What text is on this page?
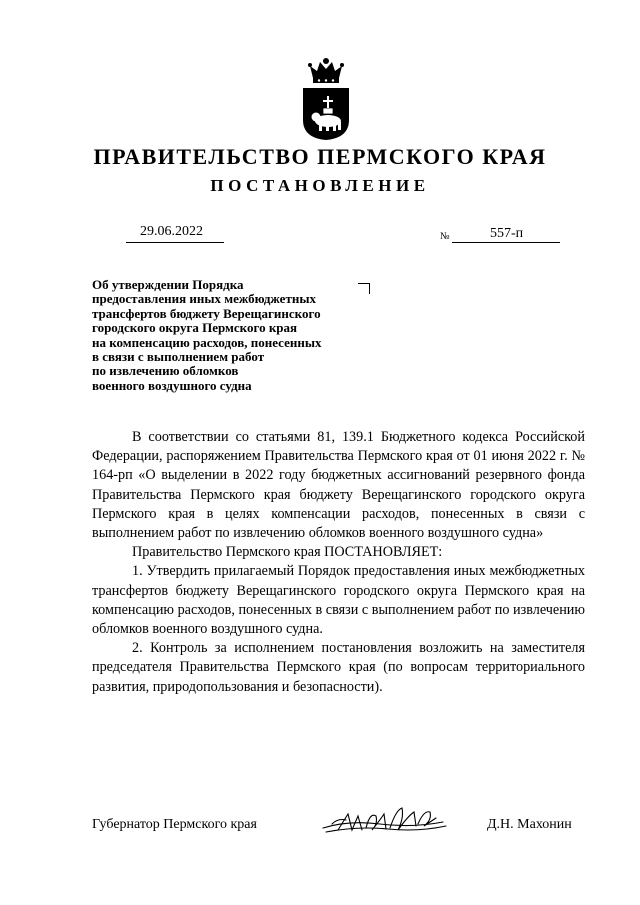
ПРАВИТЕЛЬСТВО ПЕРМСКОГО КРАЯ
ПОСТАНОВЛЕНИЕ
29.06.2022	№	557-п
Об утверждении Порядка
предоставления иных межбюджетных
трансфертов бюджету Верещагинского
городского округа Пермского края
на компенсацию расходов, понесенных
в связи с выполнением работ
по извлечению обломков
военного воздушного судна

В соответствии со статьями 81, 139.1 Бюджетного кодекса Российской Федерации, распоряжением Правительства Пермского края от 01 июня 2022 г. № 164-рп «О выделении в 2022 году бюджетных ассигнований резервного фонда Правительства Пермского края бюджету Верещагинского городского округа Пермского края в целях компенсации расходов, понесенных в связи с выполнением работ по извлечению обломков военного воздушного судна»

Правительство Пермского края ПОСТАНОВЛЯЕТ:

1. Утвердить прилагаемый Порядок предоставления иных межбюджетных трансфертов бюджету Верещагинского городского округа Пермского края на компенсацию расходов, понесенных в связи с выполнением работ по извлечению обломков военного воздушного судна.

2. Контроль за исполнением постановления возложить на заместителя председателя Правительства Пермского края (по вопросам территориального развития, природопользования и безопасности).

Губернатор Пермского края	Д.Н. Махонин
